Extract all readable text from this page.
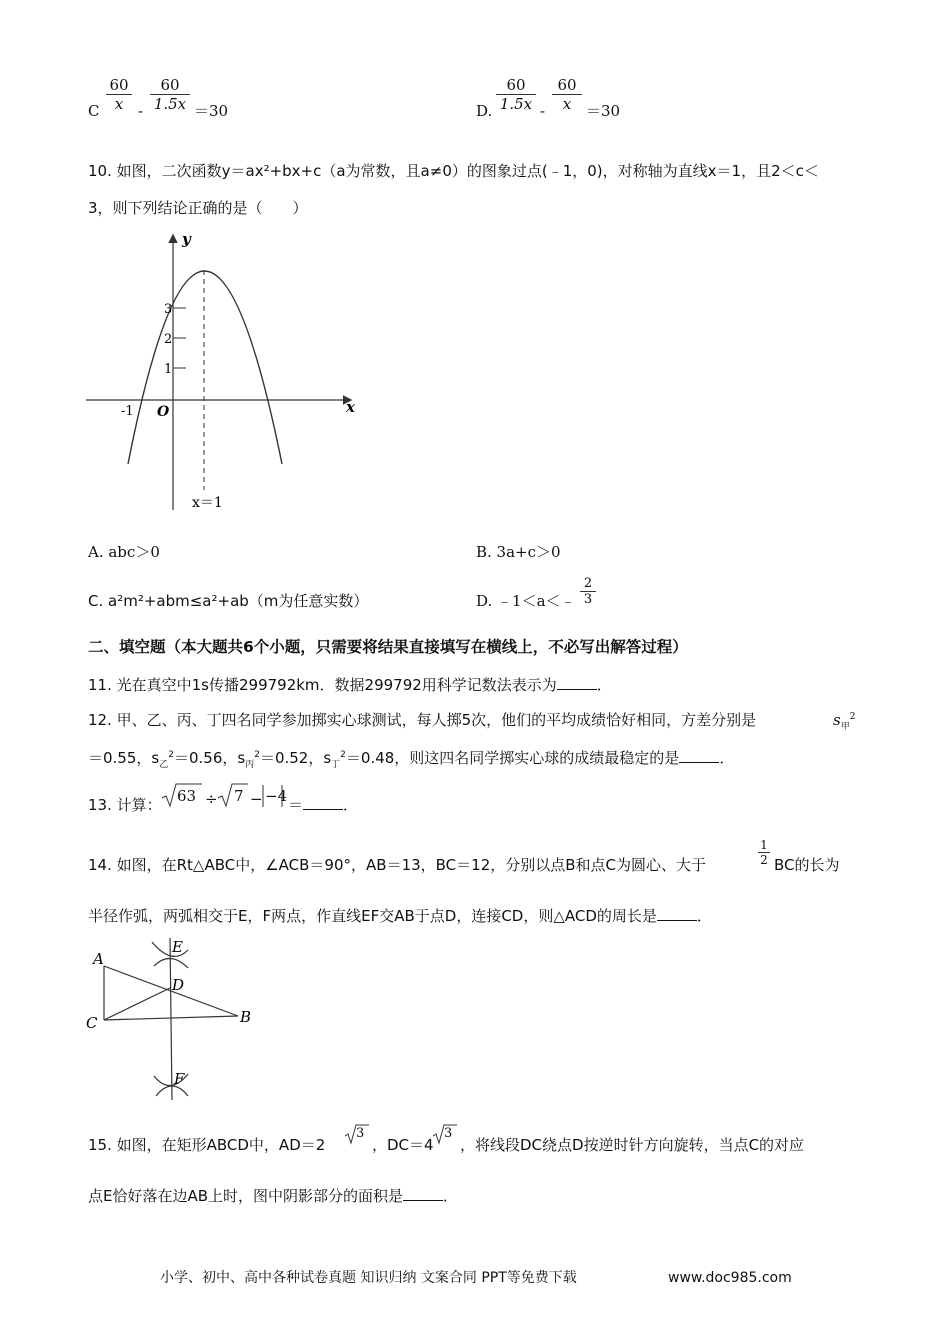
C $\frac{60}{x} - \frac{60}{1.5x} =30$	D. $\frac{60}{1.5x} - \frac{60}{x} =30$
10. 如图，二次函数y＝ax²+bx+c（a为常数，且a≠0）的图象过点(﹣1，0)，对称轴为直线x＝1，且2＜c＜
3，则下列结论正确的是（　　）
y
x
O
-1
1
2
3
x＝1
A. abc＞0	B. 3a+c＞0
C. a²m²+abm≤a²+ab（m为任意实数）	D. ﹣1＜a＜﹣ $\frac{2}{3}$
二、填空题（本大题共6个小题，只需要将结果直接填写在横线上，不必写出解答过程）
11. 光在真空中1s传播299792km．数据299792用科学记数法表示为	．
12. 甲、乙、丙、丁四名同学参加掷实心球测试，每人掷5次，他们的平均成绩恰好相同，方差分别是	$s_甲^2$
＝0.55，$s_乙^2=0.56$，$s_丙^2=0.52$，$s_丁^2=0.48$，则这四名同学掷实心球的成绩最稳定的是	．
13. 计算： 63 ÷ 7 − −4 ＝	．
14. 如图，在Rt△ABC中，∠ACB＝90°，AB＝13，BC＝12，分别以点B和点C为圆心、大于	$\frac{1}{2}$ BC的长为
半径作弧，两弧相交于E，F两点，作直线EF交AB于点D，连接CD，则△ACD的周长是	．
A
C	B
D
E
F
15. 如图，在矩形ABCD中，AD＝2
3
，DC＝4
3
，将线段DC绕点D按逆时针方向旋转，当点C的对应
点E恰好落在边AB上时，图中阴影部分的面积是	．
小学、初中、高中各种试卷真题 知识归纳 文案合同 PPT等免费下载	www.doc985.com
